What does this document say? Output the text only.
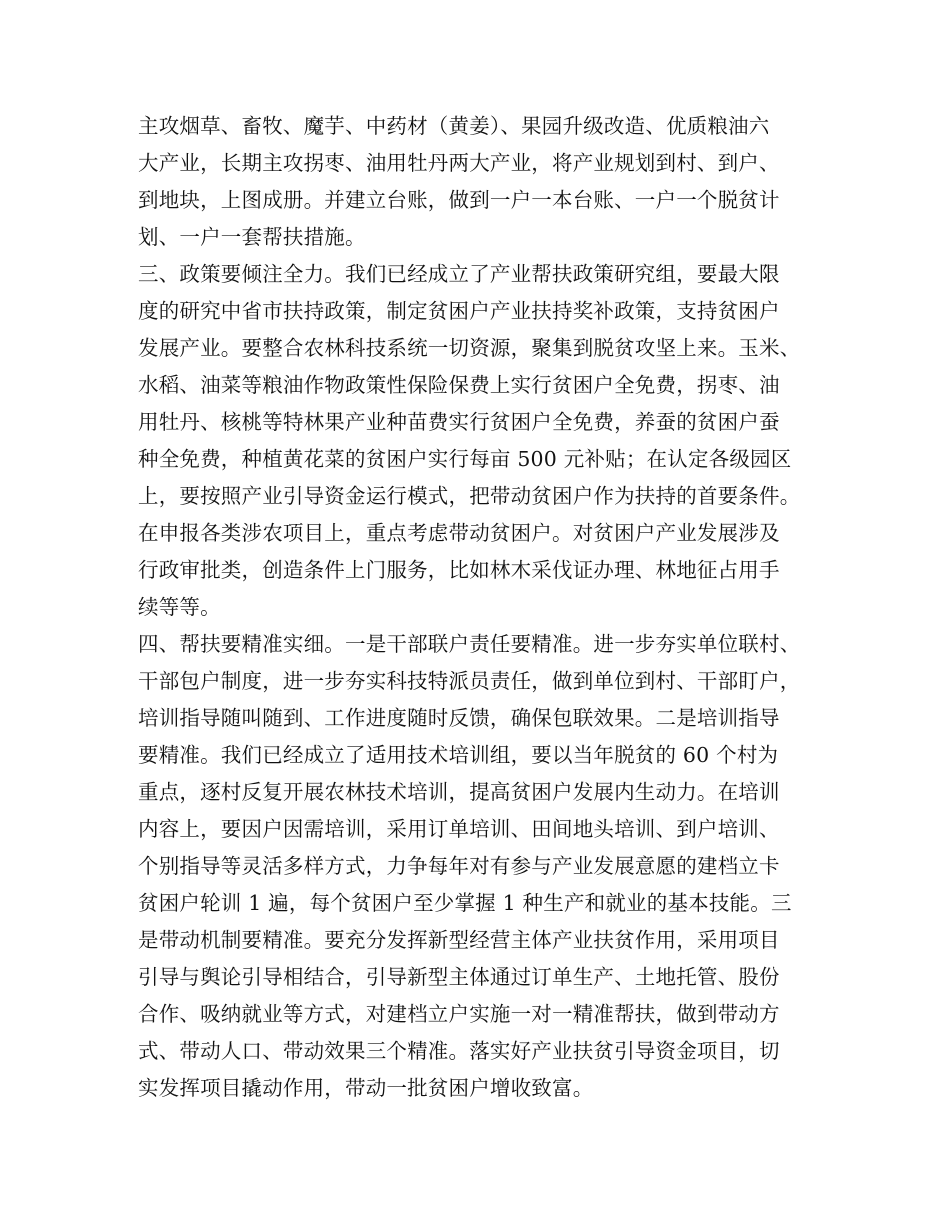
主攻烟草、畜牧、魔芋、中药材（黄姜）、果园升级改造、优质粮油六
大产业，长期主攻拐枣、油用牡丹两大产业，将产业规划到村、到户、
到地块，上图成册。并建立台账，做到一户一本台账、一户一个脱贫计
划、一户一套帮扶措施。
三、政策要倾注全力。我们已经成立了产业帮扶政策研究组，要最大限
度的研究中省市扶持政策，制定贫困户产业扶持奖补政策，支持贫困户
发展产业。要整合农林科技系统一切资源，聚集到脱贫攻坚上来。玉米、
水稻、油菜等粮油作物政策性保险保费上实行贫困户全免费，拐枣、油
用牡丹、核桃等特林果产业种苗费实行贫困户全免费，养蚕的贫困户蚕
种全免费，种植黄花菜的贫困户实行每亩 500 元补贴；在认定各级园区
上，要按照产业引导资金运行模式，把带动贫困户作为扶持的首要条件。
在申报各类涉农项目上，重点考虑带动贫困户。对贫困户产业发展涉及
行政审批类，创造条件上门服务，比如林木采伐证办理、林地征占用手
续等等。
四、帮扶要精准实细。一是干部联户责任要精准。进一步夯实单位联村、
干部包户制度，进一步夯实科技特派员责任，做到单位到村、干部盯户，
培训指导随叫随到、工作进度随时反馈，确保包联效果。二是培训指导
要精准。我们已经成立了适用技术培训组，要以当年脱贫的 60 个村为
重点，逐村反复开展农林技术培训，提高贫困户发展内生动力。在培训
内容上，要因户因需培训，采用订单培训、田间地头培训、到户培训、
个别指导等灵活多样方式，力争每年对有参与产业发展意愿的建档立卡
贫困户轮训 1 遍，每个贫困户至少掌握 1 种生产和就业的基本技能。三
是带动机制要精准。要充分发挥新型经营主体产业扶贫作用，采用项目
引导与舆论引导相结合，引导新型主体通过订单生产、土地托管、股份
合作、吸纳就业等方式，对建档立户实施一对一精准帮扶，做到带动方
式、带动人口、带动效果三个精准。落实好产业扶贫引导资金项目，切
实发挥项目撬动作用，带动一批贫困户增收致富。
